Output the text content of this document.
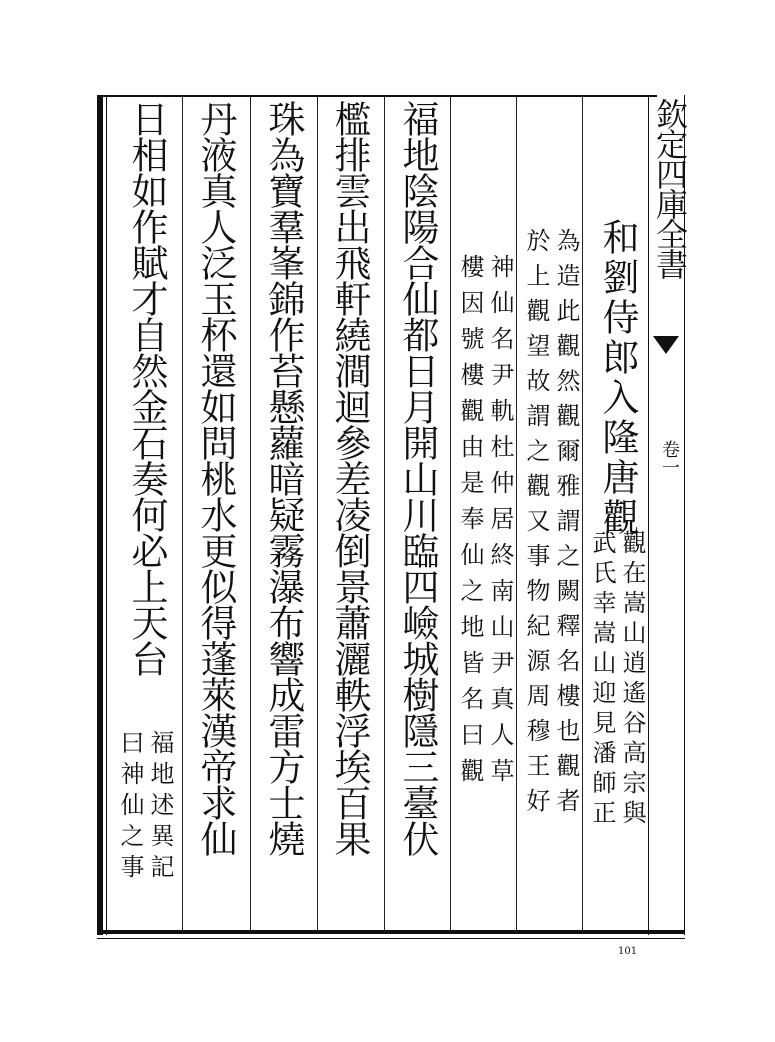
欽定四庫全書
卷一
和劉侍郎入隆唐觀
觀在嵩山逍遙谷高宗與
武氏幸嵩山迎見潘師正
為造此觀然觀爾雅謂之闕釋名樓也觀者
於上觀望故謂之觀又事物紀源周穆王好
神仙名尹軌杜仲居終南山尹真人草
樓因號樓觀由是奉仙之地皆名曰觀
福地陰陽合仙都日月開山川臨四嶮城樹隱三臺伏
檻排雲出飛軒繞澗迴參差凌倒景蕭灑軼浮埃百果
珠為寶羣峯錦作苔懸蘿暗疑霧瀑布響成雷方士燒
丹液真人泛玉杯還如問桃水更似得蓬萊漢帝求仙
日相如作賦才自然金石奏何必上天台
福地述異記
曰神仙之事
101
